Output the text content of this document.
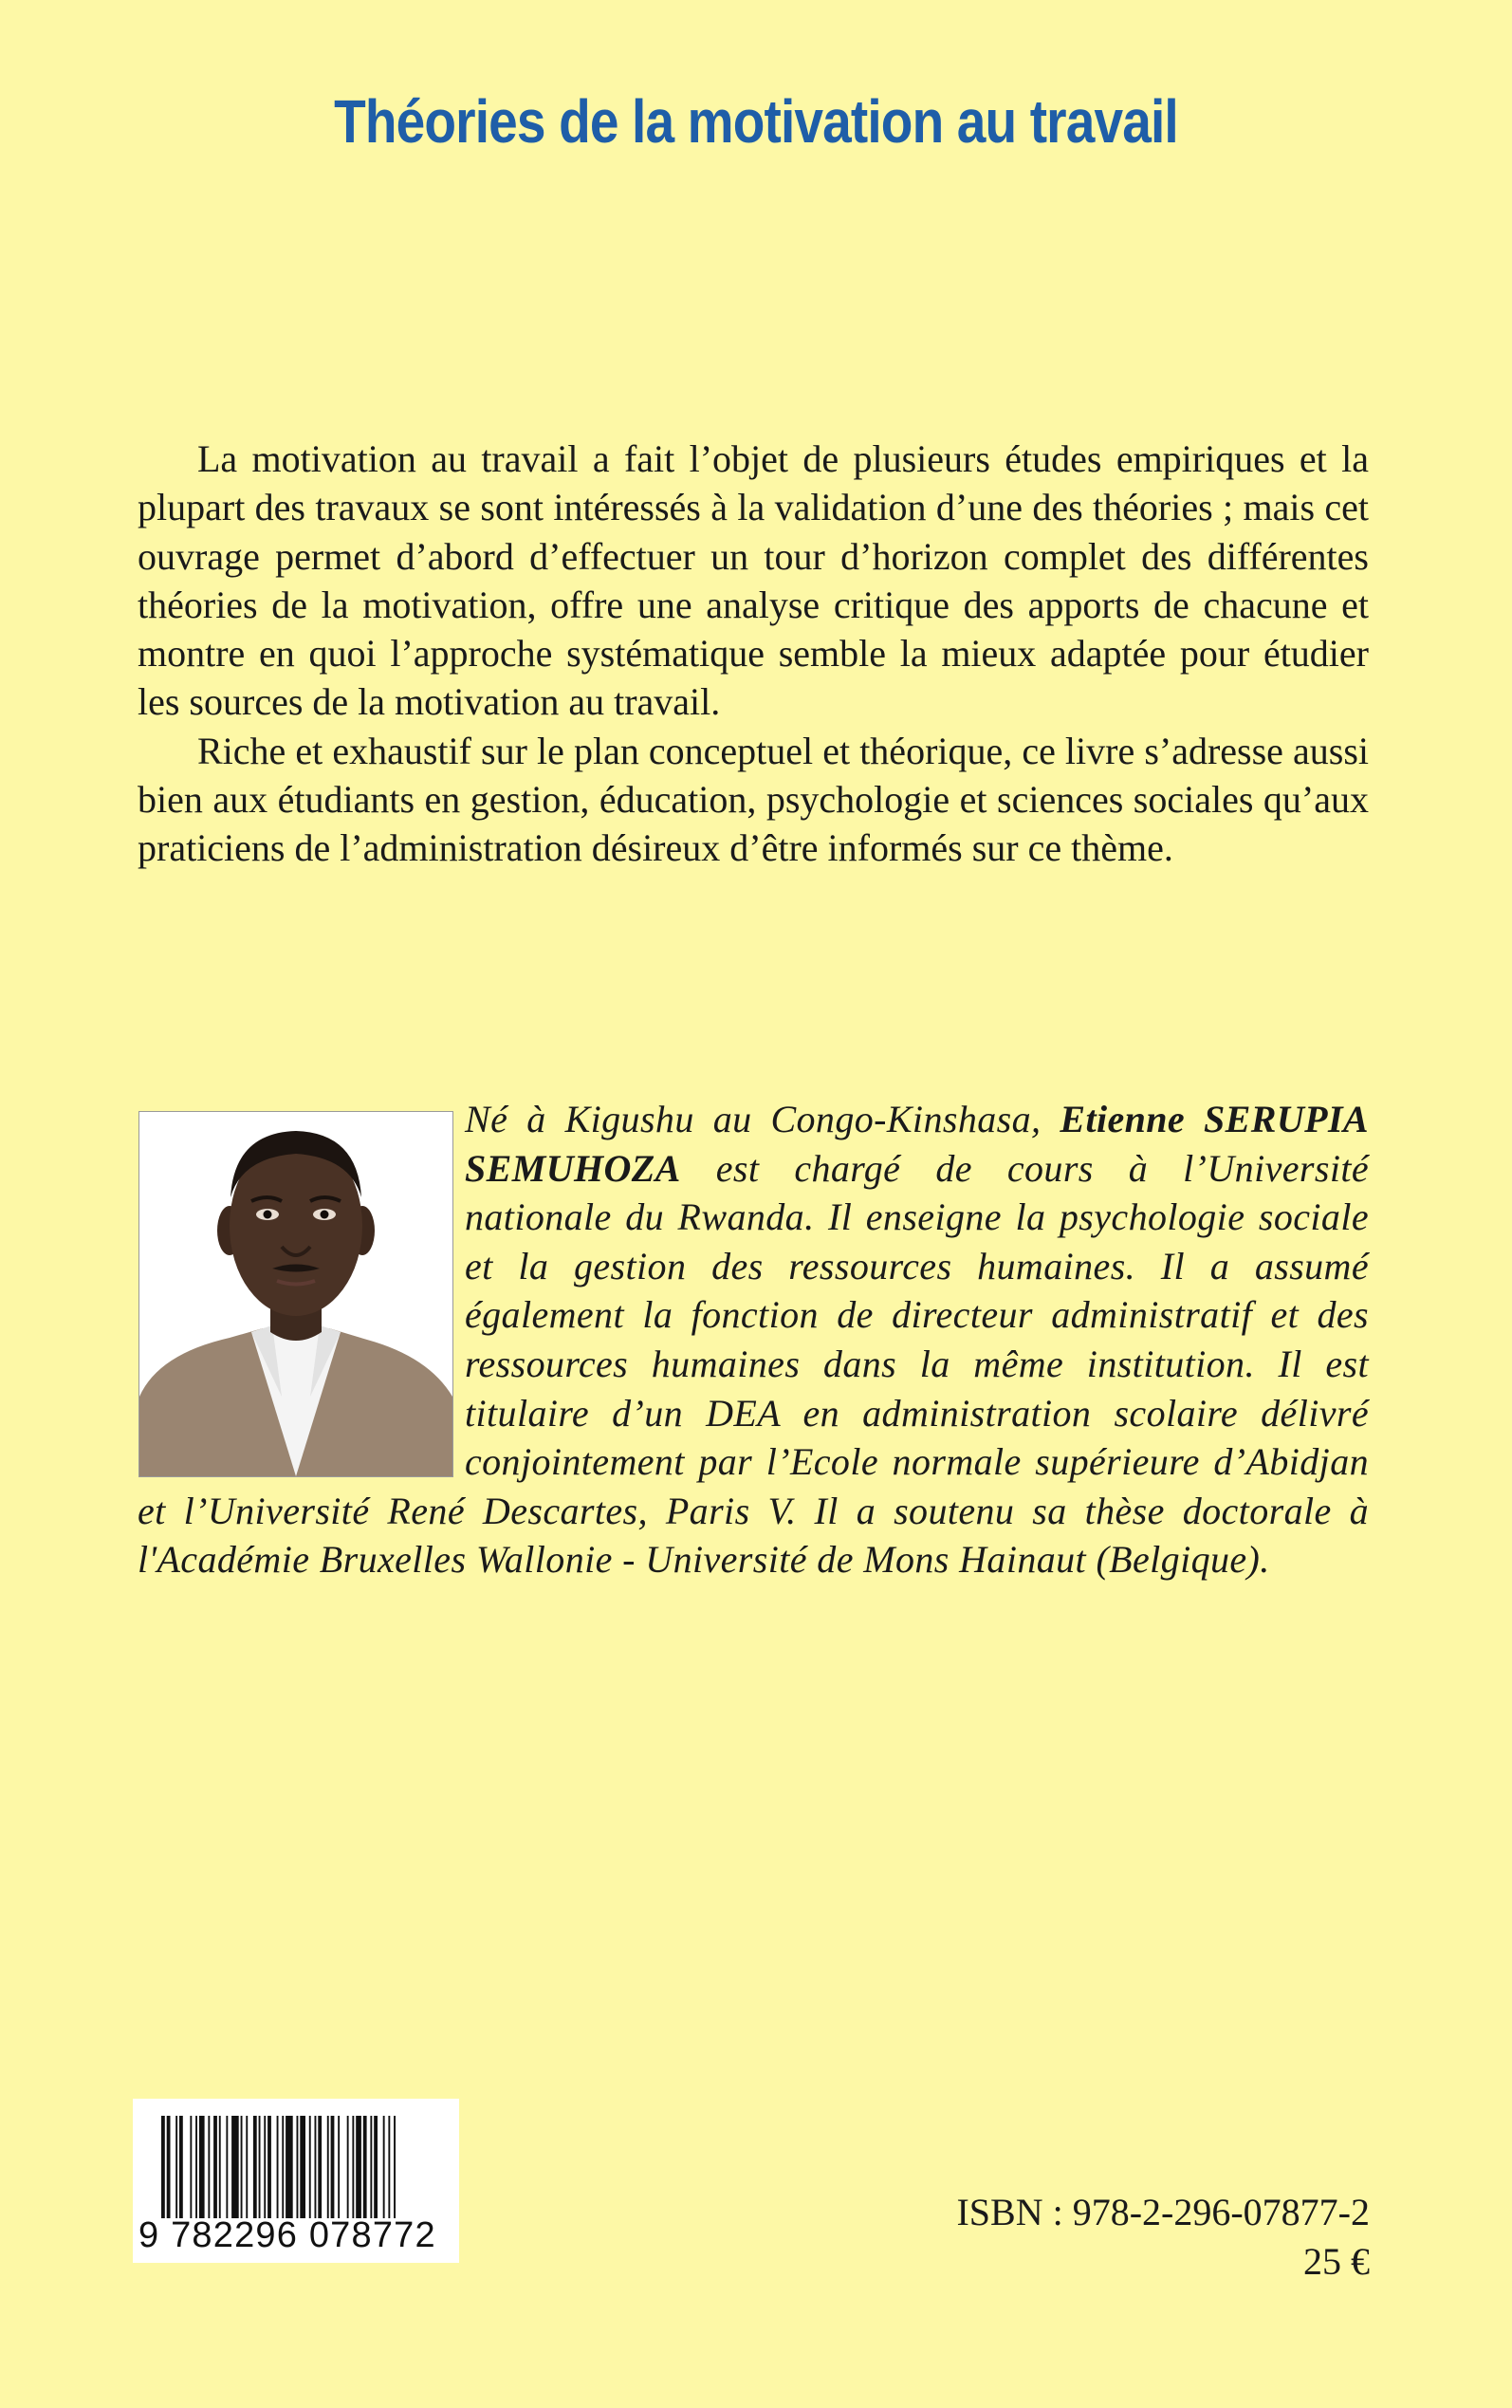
Théories de la motivation au travail

La motivation au travail a fait l’objet de plusieurs études empiriques et la plupart des travaux se sont intéressés à la validation d’une des théories ; mais cet ouvrage permet d’abord d’effectuer un tour d’horizon complet des différentes théories de la motivation, offre une analyse critique des apports de chacune et montre en quoi l’approche systématique semble la mieux adaptée pour étudier les sources de la motivation au travail.

Riche et exhaustif sur le plan conceptuel et théorique, ce livre s’adresse aussi bien aux étudiants en gestion, éducation, psychologie et sciences sociales qu’aux praticiens de l’administration désireux d’être informés sur ce thème.

Né à Kigushu au Congo-Kinshasa, Etienne SERUPIA SEMUHOZA est chargé de cours à l’Université nationale du Rwanda. Il enseigne la psychologie sociale et la gestion des ressources humaines. Il a assumé également la fonction de directeur administratif et des ressources humaines dans la même institution. Il est titulaire d’un DEA en administration scolaire délivré conjointement par l’Ecole normale supérieure d’Abidjan et l’Université René Descartes, Paris V. Il a soutenu sa thèse doctorale à l'Académie Bruxelles Wallonie - Université de Mons Hainaut (Belgique).
9 782296 078772
ISBN : 978-2-296-07877-2
25 €
